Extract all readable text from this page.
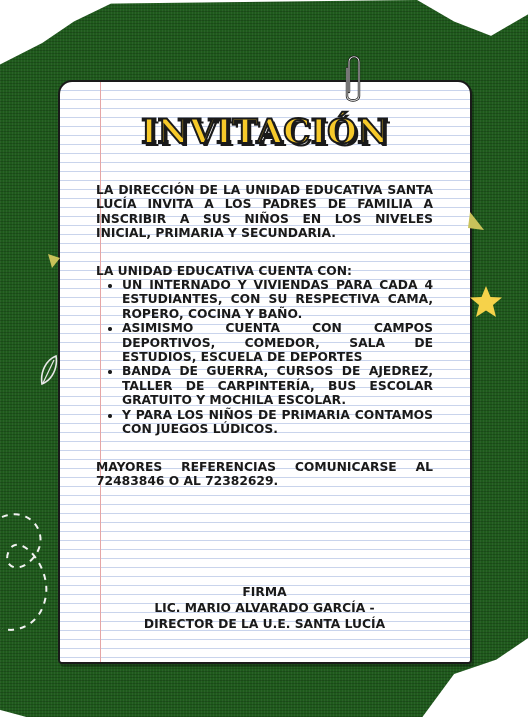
INVITACIÓN

LA DIRECCIÓN DE LA UNIDAD EDUCATIVA SANTA LUCÍA INVITA A LOS PADRES DE FAMILIA A INSCRIBIR A SUS NIÑOS EN LOS NIVELES INICIAL, PRIMARIA Y SECUNDARIA.

LA UNIDAD EDUCATIVA CUENTA CON:

• UN INTERNADO Y VIVIENDAS PARA CADA 4 ESTUDIANTES, CON SU RESPECTIVA CAMA, ROPERO, COCINA Y BAÑO.
• ASIMISMO CUENTA CON CAMPOS DEPORTIVOS, COMEDOR, SALA DE ESTUDIOS, ESCUELA DE DEPORTES
• BANDA DE GUERRA, CURSOS DE AJEDREZ, TALLER DE CARPINTERÍA, BUS ESCOLAR GRATUITO Y MOCHILA ESCOLAR.
• Y PARA LOS NIÑOS DE PRIMARIA CONTAMOS CON JUEGOS LÚDICOS.

MAYORES REFERENCIAS COMUNICARSE AL 72483846 O AL 72382629.

FIRMA
LIC. MARIO ALVARADO GARCÍA -
DIRECTOR DE LA U.E. SANTA LUCÍA
